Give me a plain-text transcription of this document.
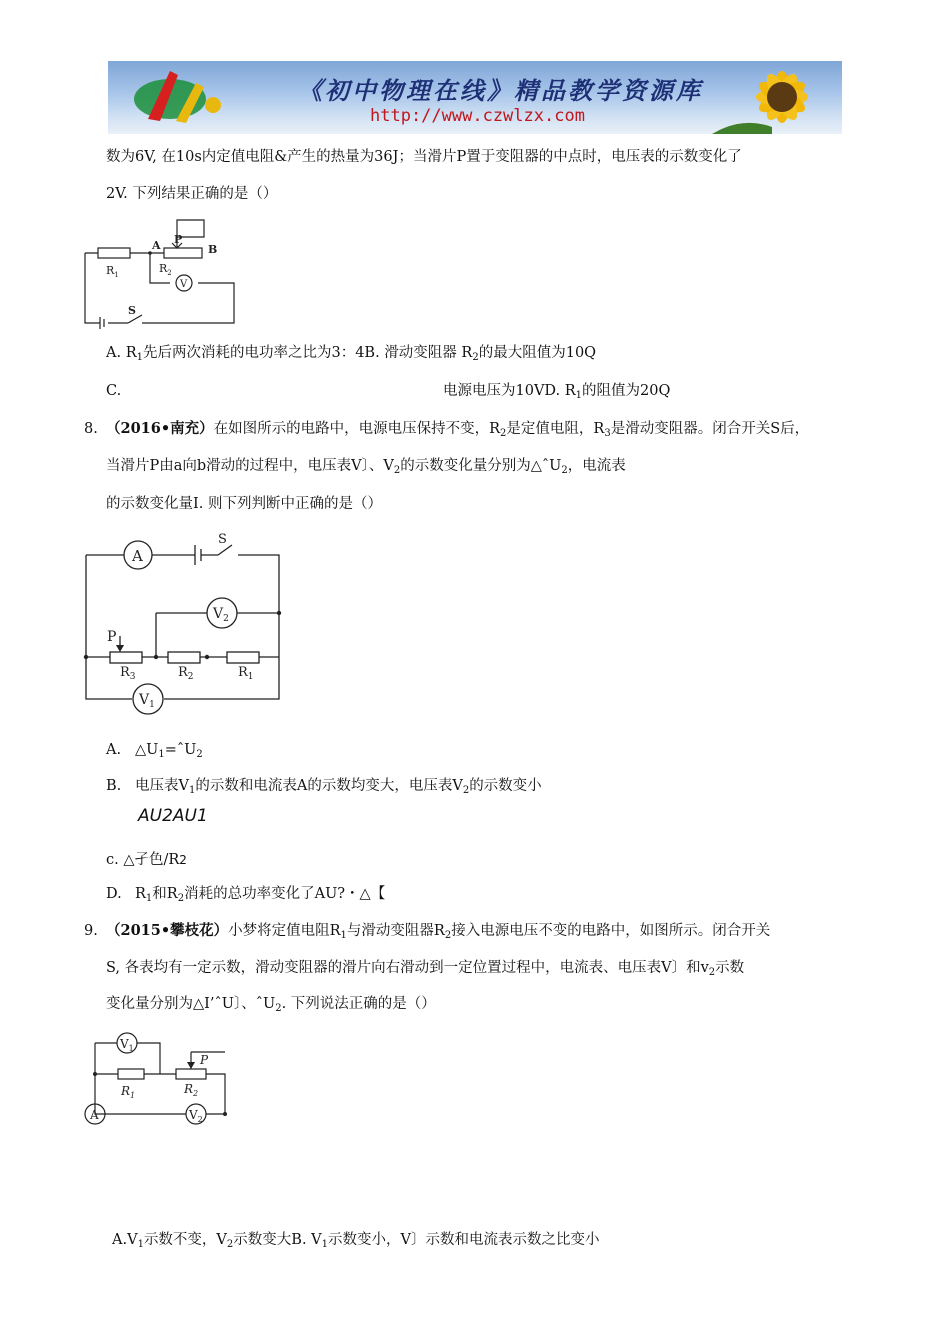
《初中物理在线》精品教学资源库
http://www.czwlzx.com
数为6V, 在10s内定值电阻&产生的热量为36J；当滑片P置于变阻器的中点时，电压表的示数变化了
2V. 下列结果正确的是（）
A P
B
$R_1$	$R_2$
V
S
A. $R_1$先后两次消耗的电功率之比为3：4B. 滑动变阻器 $R_2$的最大阻值为10Q
C.	电源电压为10VD. $R_1$的阻值为20Q
8. （2016•南充）在如图所示的电路中，电源电压保持不变，$R_2$是定值电阻，$R_3$是滑动变阻器。闭合开关S后，
当滑片P由a向b滑动的过程中，电压表V〕、$V_2$的示数变化量分别为△ˆU$_2$，电流表
的示数变化量I. 则下列判断中正确的是（）
A
S
$V_2$
$V_1$
P
$R_3$	$R_2$	$R_1$
A. $\triangle U_1=ˆU_2$
B. 电压表$V_1$的示数和电流表A的示数均变大，电压表$V_2$的示数变小
AU2AU1
c. △孑色/R2
D. $R_1$和$R_2$消耗的总功率变化了AU?・△【
9. （2015•攀枝花）小梦将定值电阻$R_1$与滑动变阻器$R_2$接入电源电压不变的电路中，如图所示。闭合开关
S, 各表均有一定示数，滑动变阻器的滑片向右滑动到一定位置过程中，电流表、电压表V〕和$v_2$示数
变化量分别为△I’ˆU〕、ˆU$_2$. 下列说法正确的是（）
$V_1$
P
$R_1$	$R_2$
$V_2$
A
$A.V_1$示数不变，$V_2$示数变大B. $V_1$示数变小，V〕示数和电流表示数之比变小
